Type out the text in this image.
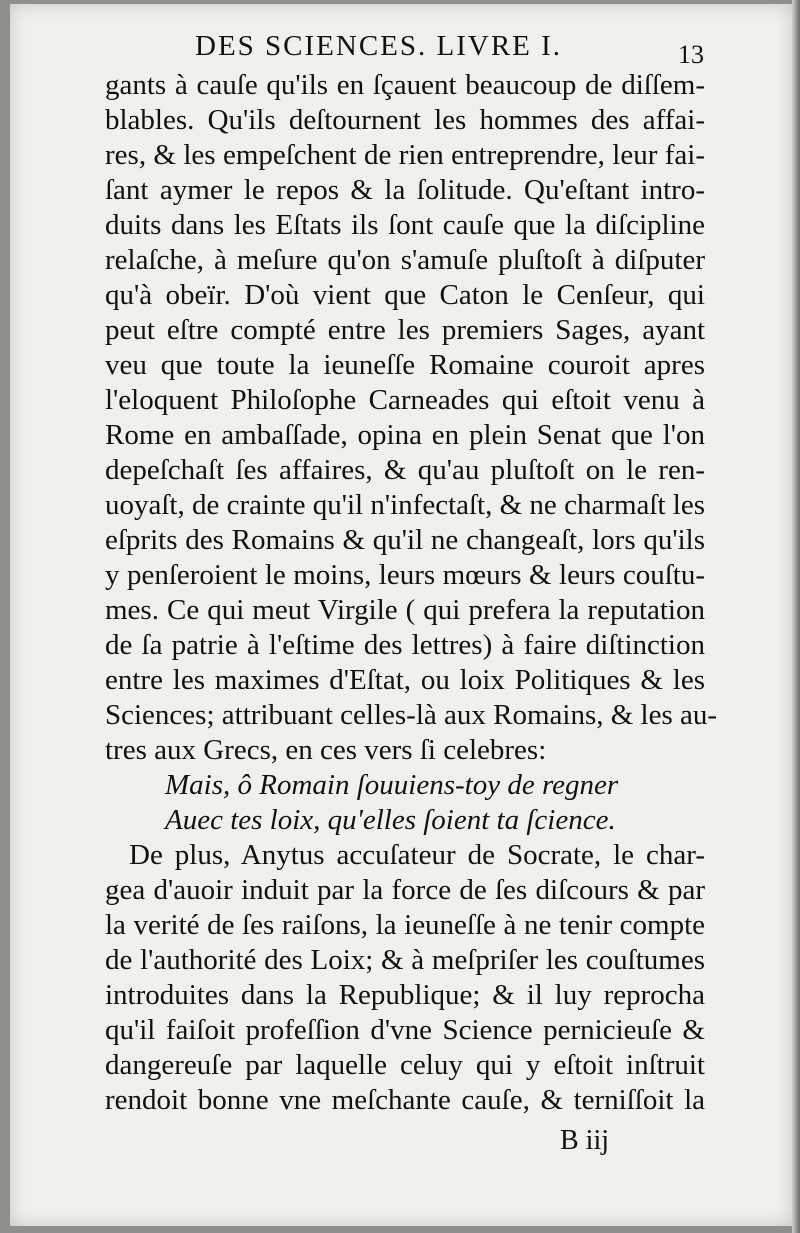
DES SCIENCES. LIVRE I.	13
gants à cauſe qu'ils en ſçauent beaucoup de diſſem-
blables. Qu'ils deſtournent les hommes des affai-
res, & les empeſchent de rien entreprendre, leur fai-
ſant aymer le repos & la ſolitude. Qu'eſtant intro-
duits dans les Eſtats ils ſont cauſe que la diſcipline
relaſche, à meſure qu'on s'amuſe pluſtoſt à diſputer
qu'à obeïr. D'où vient que Caton le Cenſeur, qui
peut eſtre compté entre les premiers Sages, ayant
veu que toute la ieuneſſe Romaine couroit apres
l'eloquent Philoſophe Carneades qui eſtoit venu à
Rome en ambaſſade, opina en plein Senat que l'on
depeſchaſt ſes affaires, & qu'au pluſtoſt on le ren-
uoyaſt, de crainte qu'il n'infectaſt, & ne charmaſt les
eſprits des Romains & qu'il ne changeaſt, lors qu'ils
y penſeroient le moins, leurs mœurs & leurs couſtu-
mes. Ce qui meut Virgile ( qui prefera la reputation
de ſa patrie à l'eſtime des lettres) à faire diſtinction
entre les maximes d'Eſtat, ou loix Politiques & les
Sciences; attribuant celles-là aux Romains, & les au-
tres aux Grecs, en ces vers ſi celebres:
Mais, ô Romain ſouuiens-toy de regner
Auec tes loix, qu'elles ſoient ta ſcience.
De plus, Anytus accuſateur de Socrate, le char-
gea d'auoir induit par la force de ſes diſcours & par
la verité de ſes raiſons, la ieuneſſe à ne tenir compte
de l'authorité des Loix; & à meſpriſer les couſtumes
introduites dans la Republique; & il luy reprocha
qu'il faiſoit profeſſion d'vne Science pernicieuſe &
dangereuſe par laquelle celuy qui y eſtoit inſtruit
rendoit bonne vne meſchante cauſe, & terniſſoit la
B iij
